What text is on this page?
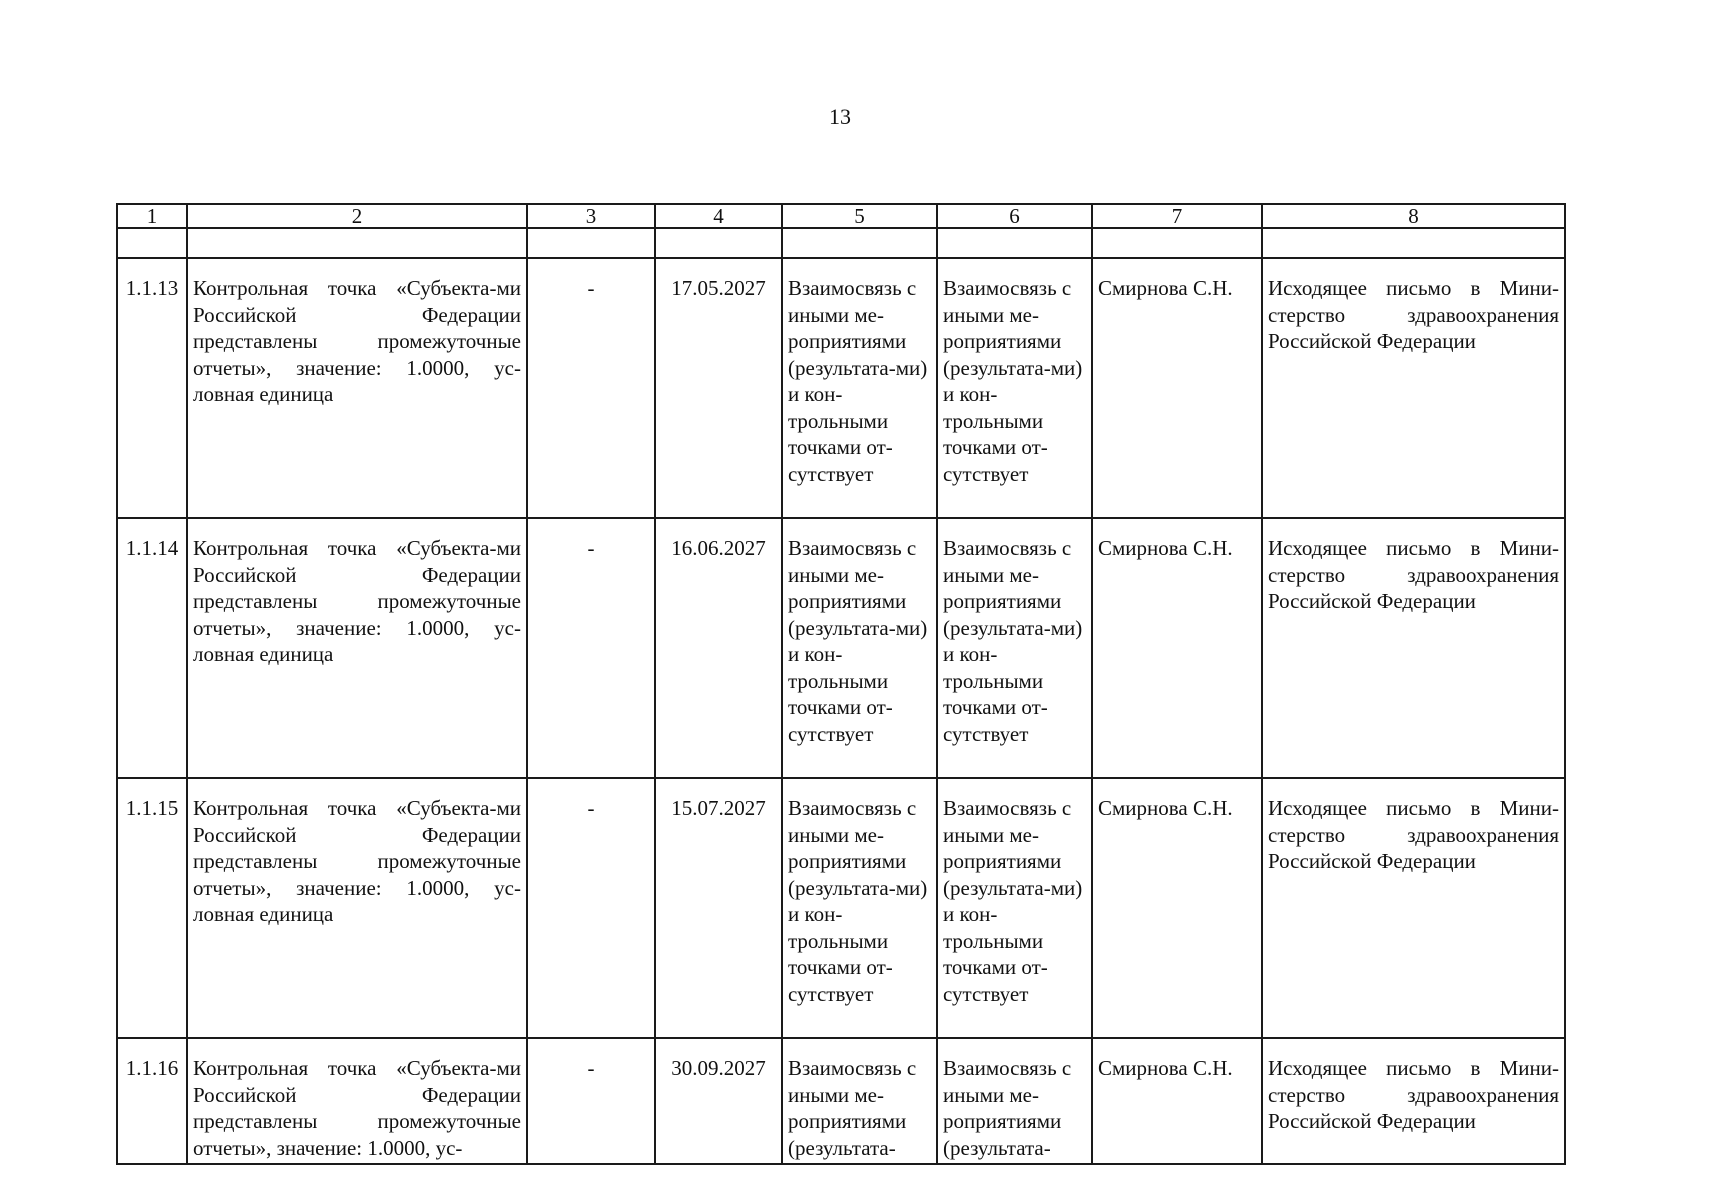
13
1	2	3	4	5	6	7	8

1.1.13	Контрольная точка «Субъекта-ми Российской Федерации представлены промежуточные отчеты», значение: 1.0000, ус-ловная единица	-	17.05.2027	Взаимосвязь с иными ме-роприятиями (результата-ми) и кон-трольными точками от-сутствует	Взаимосвязь с иными ме-роприятиями (результата-ми) и кон-трольными точками от-сутствует	Смирнова С.Н.	Исходящее письмо в Мини-стерство здравоохранения Российской Федерации
1.1.14	Контрольная точка «Субъекта-ми Российской Федерации представлены промежуточные отчеты», значение: 1.0000, ус-ловная единица	-	16.06.2027	Взаимосвязь с иными ме-роприятиями (результата-ми) и кон-трольными точками от-сутствует	Взаимосвязь с иными ме-роприятиями (результата-ми) и кон-трольными точками от-сутствует	Смирнова С.Н.	Исходящее письмо в Мини-стерство здравоохранения Российской Федерации
1.1.15	Контрольная точка «Субъекта-ми Российской Федерации представлены промежуточные отчеты», значение: 1.0000, ус-ловная единица	-	15.07.2027	Взаимосвязь с иными ме-роприятиями (результата-ми) и кон-трольными точками от-сутствует	Взаимосвязь с иными ме-роприятиями (результата-ми) и кон-трольными точками от-сутствует	Смирнова С.Н.	Исходящее письмо в Мини-стерство здравоохранения Российской Федерации
1.1.16	Контрольная точка «Субъекта-ми Российской Федерации представлены промежуточные отчеты», значение: 1.0000, ус-	-	30.09.2027	Взаимосвязь с иными ме-роприятиями (результата-	Взаимосвязь с иными ме-роприятиями (результата-	Смирнова С.Н.	Исходящее письмо в Мини-стерство здравоохранения Российской Федерации
